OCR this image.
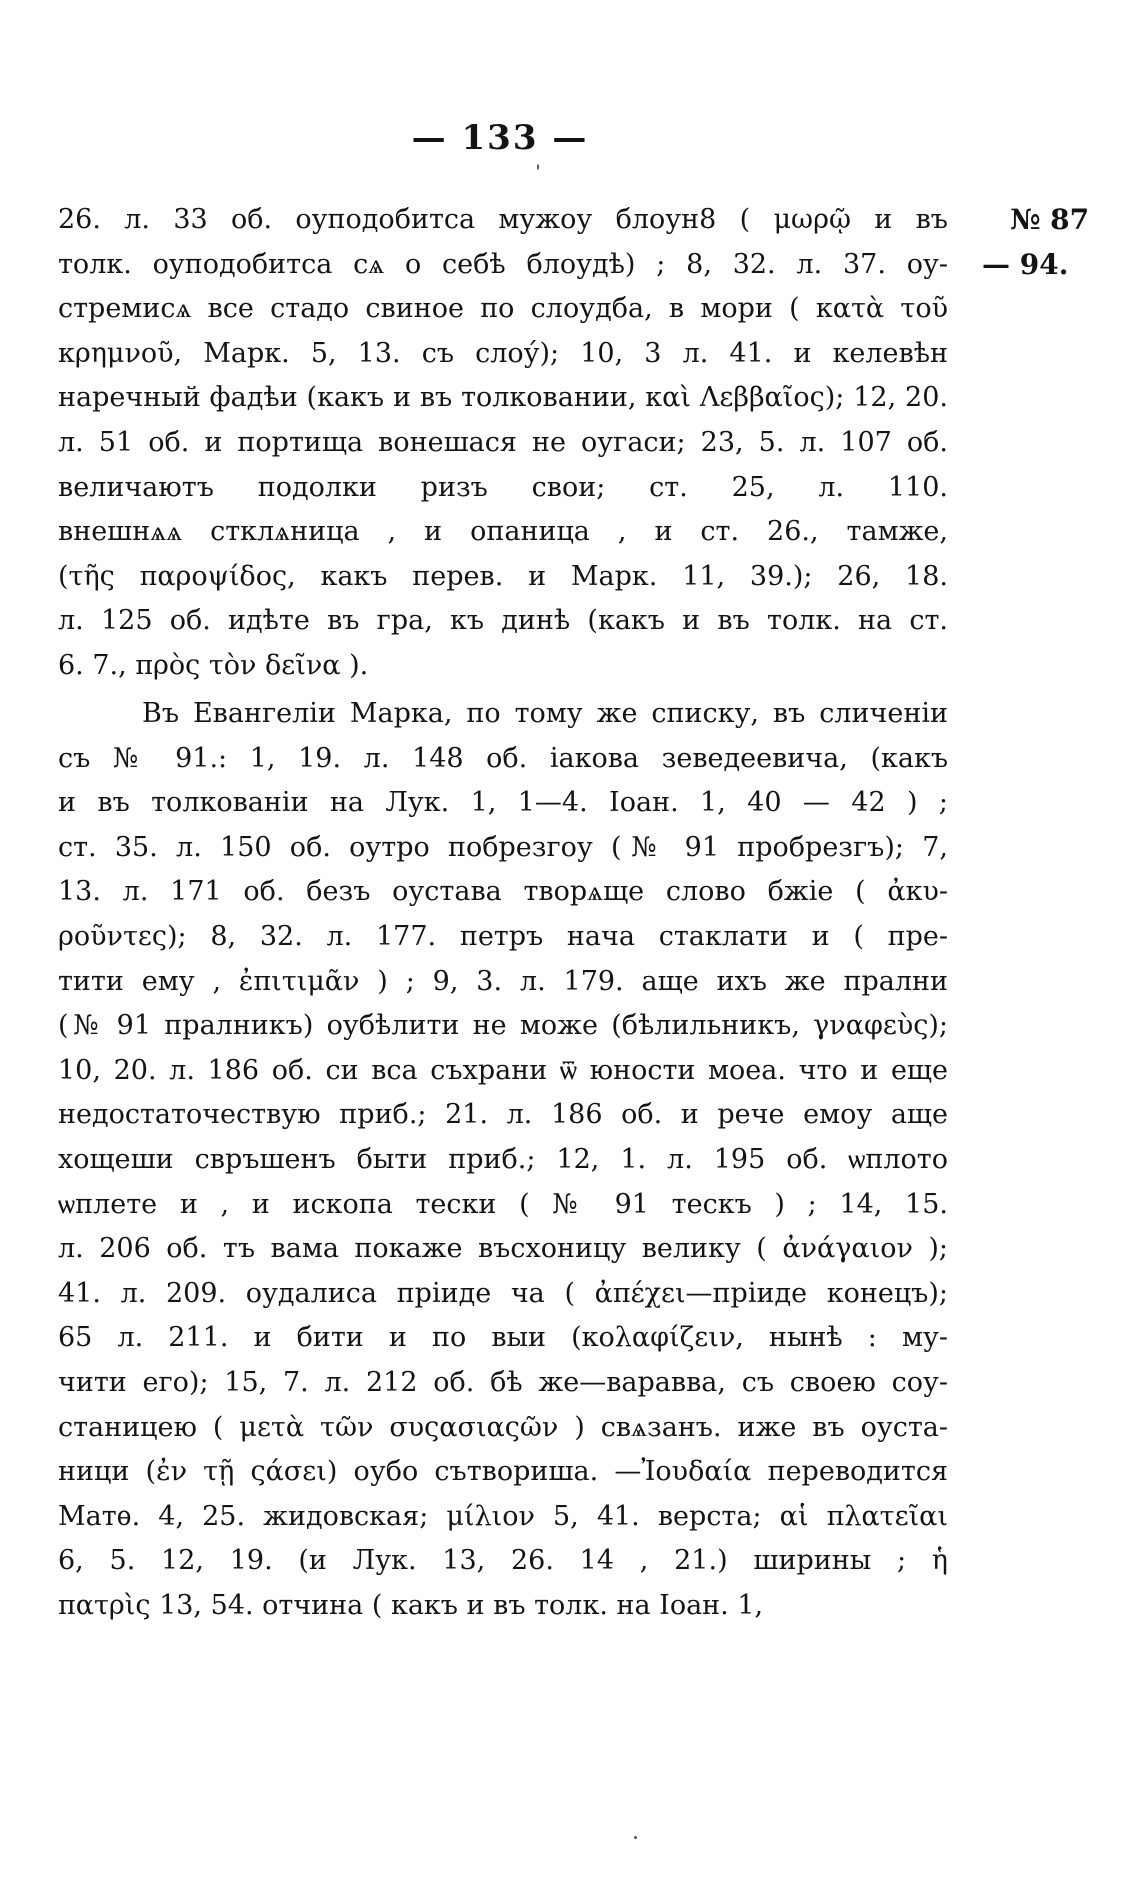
— 133 —
26. л. 33 об. оуподобитса мужоу блоун8 ( μωρῷ и въ
толк. оуподобитса сѧ о себѣ блоудѣ) ; 8, 32. л. 37. оу-
стремисѧ все стадо свиное по слоудба, в мори ( κατὰ τοῦ
κρημνοῦ, Марк. 5, 13. съ слоу́); 10, 3 л. 41. и келевѣн
наречный фадѣи (какъ и въ толковании, καὶ Λεββαῖος); 12, 20.
л. 51 об. и портища вонешася не оугаси; 23, 5. л. 107 об.
величаютъ подолки ризъ свои; ст. 25, л. 110.
внешнѧѧ стклѧница , и опаница , и ст. 26., тамже,
(τῆς παροψίδος, какъ перев. и Марк. 11, 39.); 26, 18.
л. 125 об. идѣте въ гра, къ динѣ (какъ и въ толк. на ст.
6. 7., πρὸς τὸν δεῖνα ).
№ 87
— 94.
Въ Евангеліи Марка, по тому же списку, въ сличеніи
съ № 91.: 1, 19. л. 148 об. іакова зеведеевича, (какъ
и въ толкованіи на Лук. 1, 1—4. Іоан. 1, 40 — 42 ) ;
ст. 35. л. 150 об. оутро побрезгоу (№ 91 пробрезгъ); 7,
13. л. 171 об. безъ оустава творѧще слово бжіе ( ἀκυ-
ροῦντες); 8, 32. л. 177. петръ нача стаклати и ( пре-
тити ему , ἐπιτιμᾶν ) ; 9, 3. л. 179. аще ихъ же прални
(№ 91 пралникъ) оубѣлити не може (бѣлильникъ, γναφεὺς);
10, 20. л. 186 об. си вса съхрани ѿ юности моеа. что и еще
недостаточествую приб.; 21. л. 186 об. и рече емоу аще
хощеши свръшенъ быти приб.; 12, 1. л. 195 об. ѡплото
ѡплете и , и ископа тески ( № 91 тескъ ) ; 14, 15.
л. 206 об. тъ вама покаже въсхоницу велику ( ἀνάγαιον );
41. л. 209. оудалиса пріиде ча ( ἀπέχει—пріиде конецъ);
65 л. 211. и бити и по выи (κολαφίζειν, нынѣ : му-
чити его); 15, 7. л. 212 об. бѣ же—варавва, съ своею соу-
станицею ( μετὰ τῶν συςασιαςῶν ) свѧзанъ. иже въ оуста-
ници (ἐν τῇ ςάσει) оубо сътвориша. —Ἰουδαία переводится
Матѳ. 4, 25. жидовская; μίλιον 5, 41. верста; αἱ πλατεῖαι
6, 5. 12, 19. (и Лук. 13, 26. 14 , 21.) ширины ; ἡ
πατρὶς 13, 54. отчина ( какъ и въ толк. на Іоан. 1,
